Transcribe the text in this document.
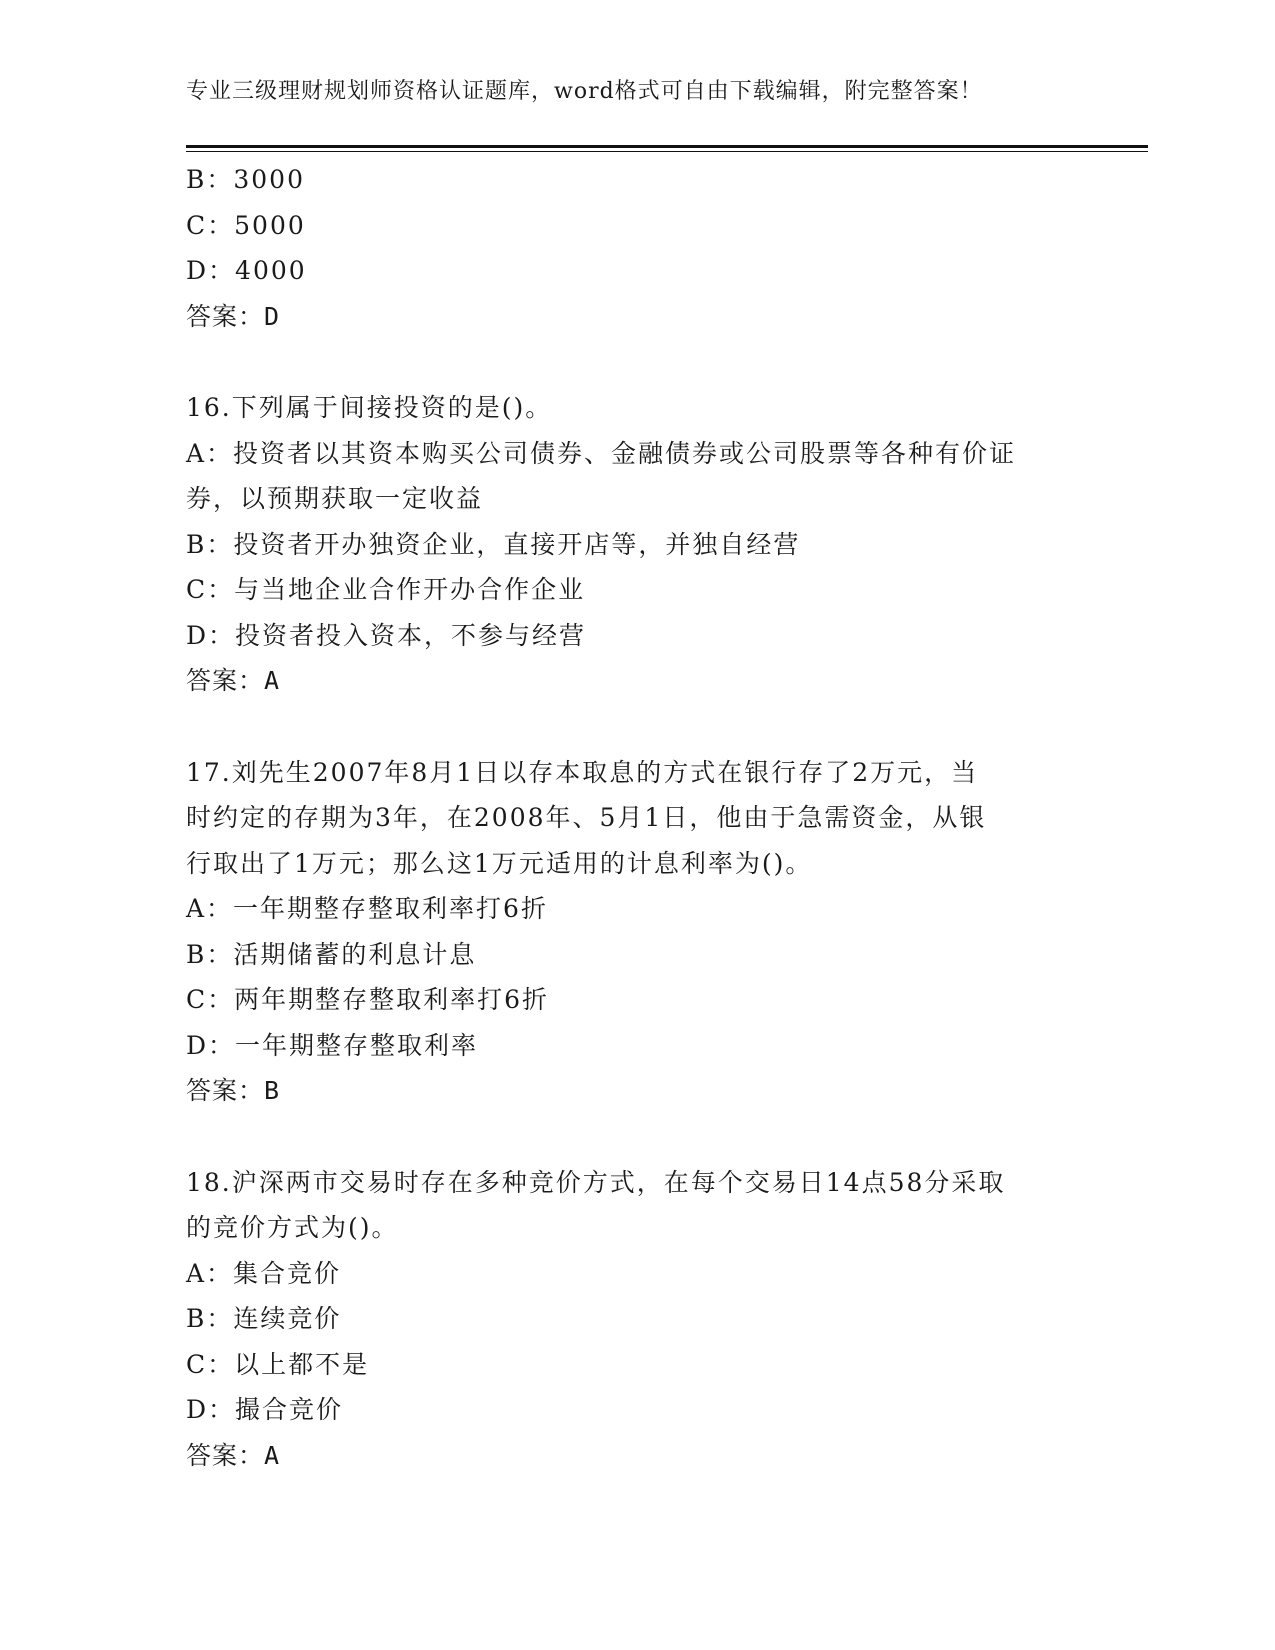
专业三级理财规划师资格认证题库，word格式可自由下载编辑，附完整答案！
B：3000
C：5000
D：4000
答案：D
16.下列属于间接投资的是()。
A：投资者以其资本购买公司债券、金融债券或公司股票等各种有价证
券，以预期获取一定收益
B：投资者开办独资企业，直接开店等，并独自经营
C：与当地企业合作开办合作企业
D：投资者投入资本，不参与经营
答案：A
17.刘先生2007年8月1日以存本取息的方式在银行存了2万元，当
时约定的存期为3年，在2008年、5月1日，他由于急需资金，从银
行取出了1万元；那么这1万元适用的计息利率为()。
A：一年期整存整取利率打6折
B：活期储蓄的利息计息
C：两年期整存整取利率打6折
D：一年期整存整取利率
答案：B
18.沪深两市交易时存在多种竞价方式，在每个交易日14点58分采取
的竞价方式为()。
A：集合竞价
B：连续竞价
C：以上都不是
D：撮合竞价
答案：A
